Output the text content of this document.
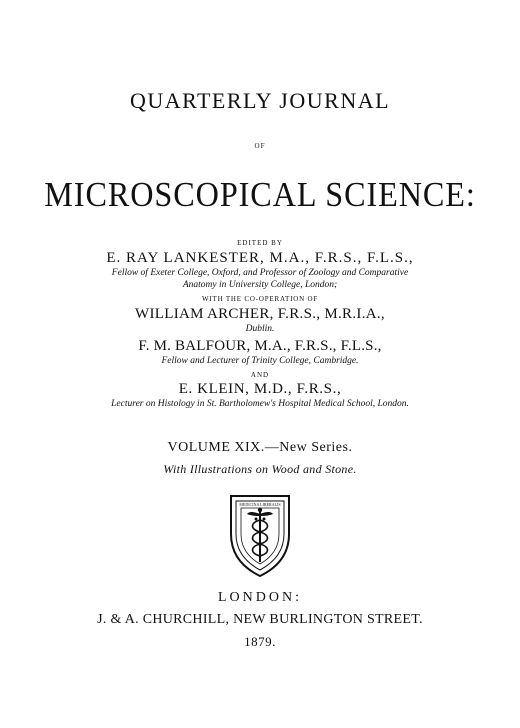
QUARTERLY JOURNAL
OF
MICROSCOPICAL SCIENCE:
EDITED BY
E. RAY LANKESTER, M.A., F.R.S., F.L.S.,
Fellow of Exeter College, Oxford, and Professor of Zoology and Comparative
Anatomy in University College, London;
WITH THE CO-OPERATION OF
WILLIAM ARCHER, F.R.S., M.R.I.A.,
Dublin.
F. M. BALFOUR, M.A., F.R.S., F.L.S.,
Fellow and Lecturer of Trinity College, Cambridge.
AND
E. KLEIN, M.D., F.R.S.,
Lecturer on Histology in St. Bartholomew's Hospital Medical School, London.
VOLUME XIX.—New Series.
With Illustrations on Wood and Stone.
MEDICINA LIBERALIS
LONDON:
J. & A. CHURCHILL, NEW BURLINGTON STREET.
1879.
